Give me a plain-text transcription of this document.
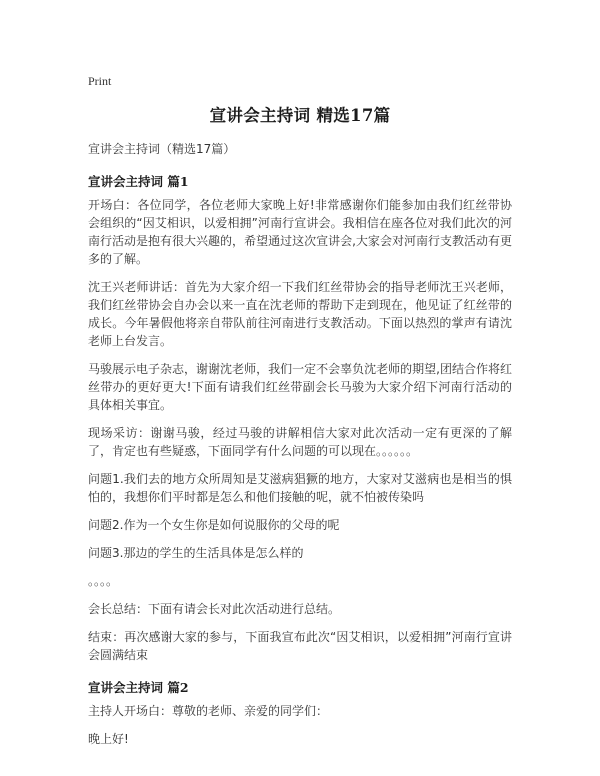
Print
宣讲会主持词 精选17篇

宣讲会主持词（精选17篇）

宣讲会主持词 篇1

开场白：各位同学，各位老师大家晚上好!非常感谢你们能参加由我们红丝带协会组织的“因艾相识，以爱相拥”河南行宣讲会。我相信在座各位对我们此次的河南行活动是抱有很大兴趣的，希望通过这次宣讲会,大家会对河南行支教活动有更多的了解。

沈王兴老师讲话：首先为大家介绍一下我们红丝带协会的指导老师沈王兴老师，我们红丝带协会自办会以来一直在沈老师的帮助下走到现在，他见证了红丝带的成长。今年暑假他将亲自带队前往河南进行支教活动。下面以热烈的掌声有请沈老师上台发言。

马骏展示电子杂志，谢谢沈老师，我们一定不会辜负沈老师的期望,团结合作将红丝带办的更好更大!下面有请我们红丝带副会长马骏为大家介绍下河南行活动的具体相关事宜。

现场采访：谢谢马骏，经过马骏的讲解相信大家对此次活动一定有更深的了解了，肯定也有些疑惑，下面同学有什么问题的可以现在。。。。。。

问题1.我们去的地方众所周知是艾滋病猖獗的地方，大家对艾滋病也是相当的惧怕的，我想你们平时都是怎么和他们接触的呢，就不怕被传染吗

问题2.作为一个女生你是如何说服你的父母的呢

问题3.那边的学生的生活具体是怎么样的

。。。。

会长总结：下面有请会长对此次活动进行总结。

结束：再次感谢大家的参与，下面我宣布此次“因艾相识，以爱相拥”河南行宣讲会圆满结束

宣讲会主持词 篇2

主持人开场白：尊敬的老师、亲爱的同学们：

晚上好!
